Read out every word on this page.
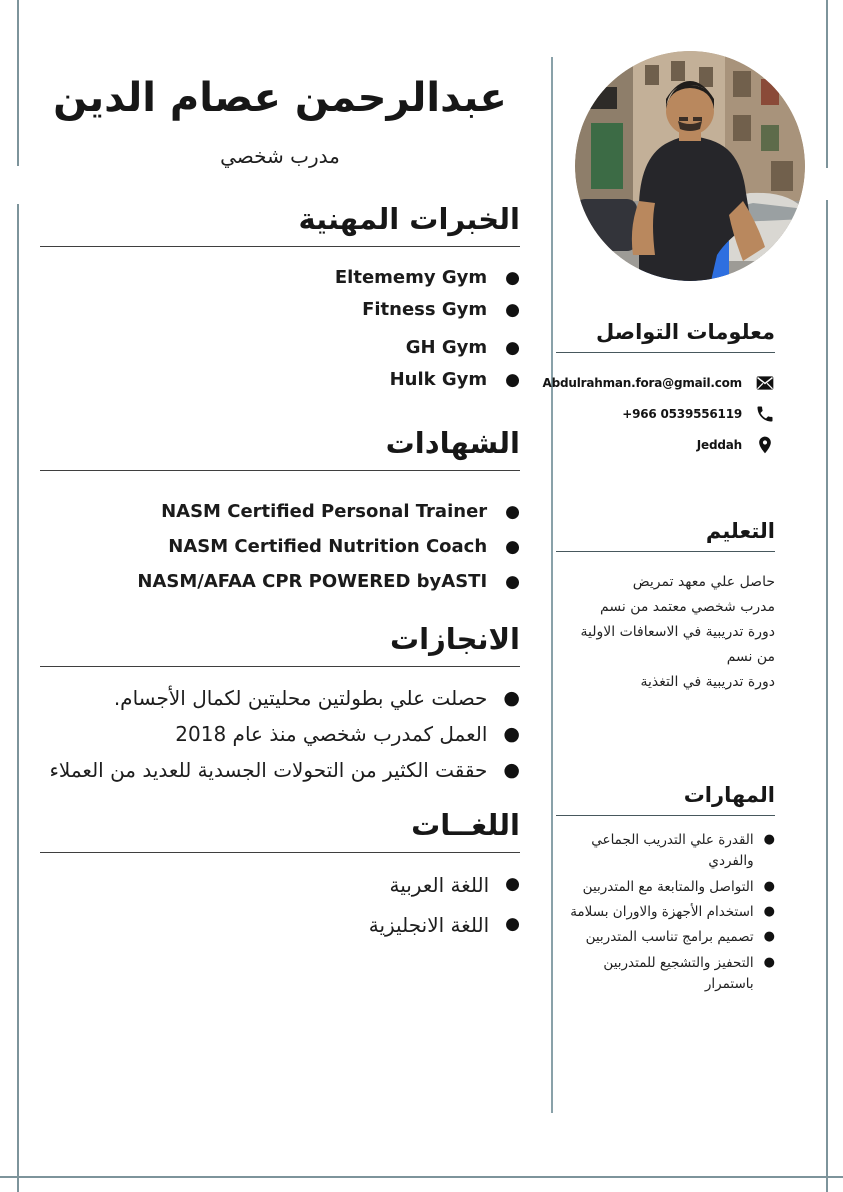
عبدالرحمن عصام الدين
مدرب شخصي
الخبرات المهنية
●
Eltememy Gym
●
Fitness Gym
●
GH Gym
●
Hulk Gym
الشهادات
●
NASM Certified Personal Trainer
●
NASM Certified Nutrition Coach
●
NASM/AFAA CPR POWERED byASTI
الانجازات
●
حصلت علي بطولتين محليتين لكمال الأجسام.
●
العمل كمدرب شخصي منذ عام 2018
●
حققت الكثير من التحولات الجسدية للعديد من العملاء
اللغــات
●
اللغة العربية
●
اللغة الانجليزية
معلومات التواصل
Abdulrahman.fora@gmail.com
+966 0539556119
Jeddah
التعليم
حاصل علي معهد تمريض
مدرب شخصي معتمد من نسم
دورة تدريبية في الاسعافات الاولية
من نسم
دورة تدريبية في التغذية
المهارات
●
القدرة علي التدريب الجماعي والفردي
●
التواصل والمتابعة مع المتدربين
●
استخدام الأجهزة والاوران بسلامة
●
تصميم برامج تناسب المتدربين
●
التحفيز والتشجيع للمتدربين باستمرار
